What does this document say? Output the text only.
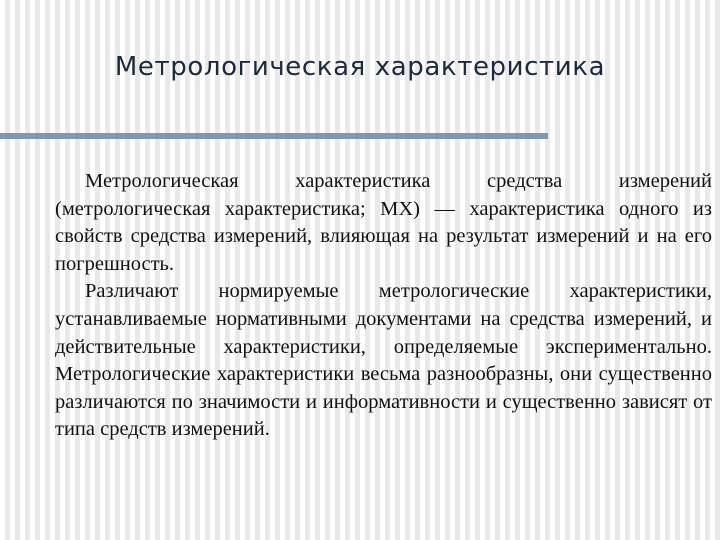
Метрологическая характеристика

Метрологическая характеристика средства измерений (метрологическая характеристика; МХ) — характеристика одного из свойств средства измерений, влияющая на результат измерений и на его погрешность.

Различают нормируемые метрологические характеристики, устанавливаемые нормативными документами на средства измерений, и действительные характеристики, определяемые экспериментально. Метрологические характеристики весьма разнообразны, они существенно различаются по значимости и информативности и существенно зависят от типа средств измерений.
